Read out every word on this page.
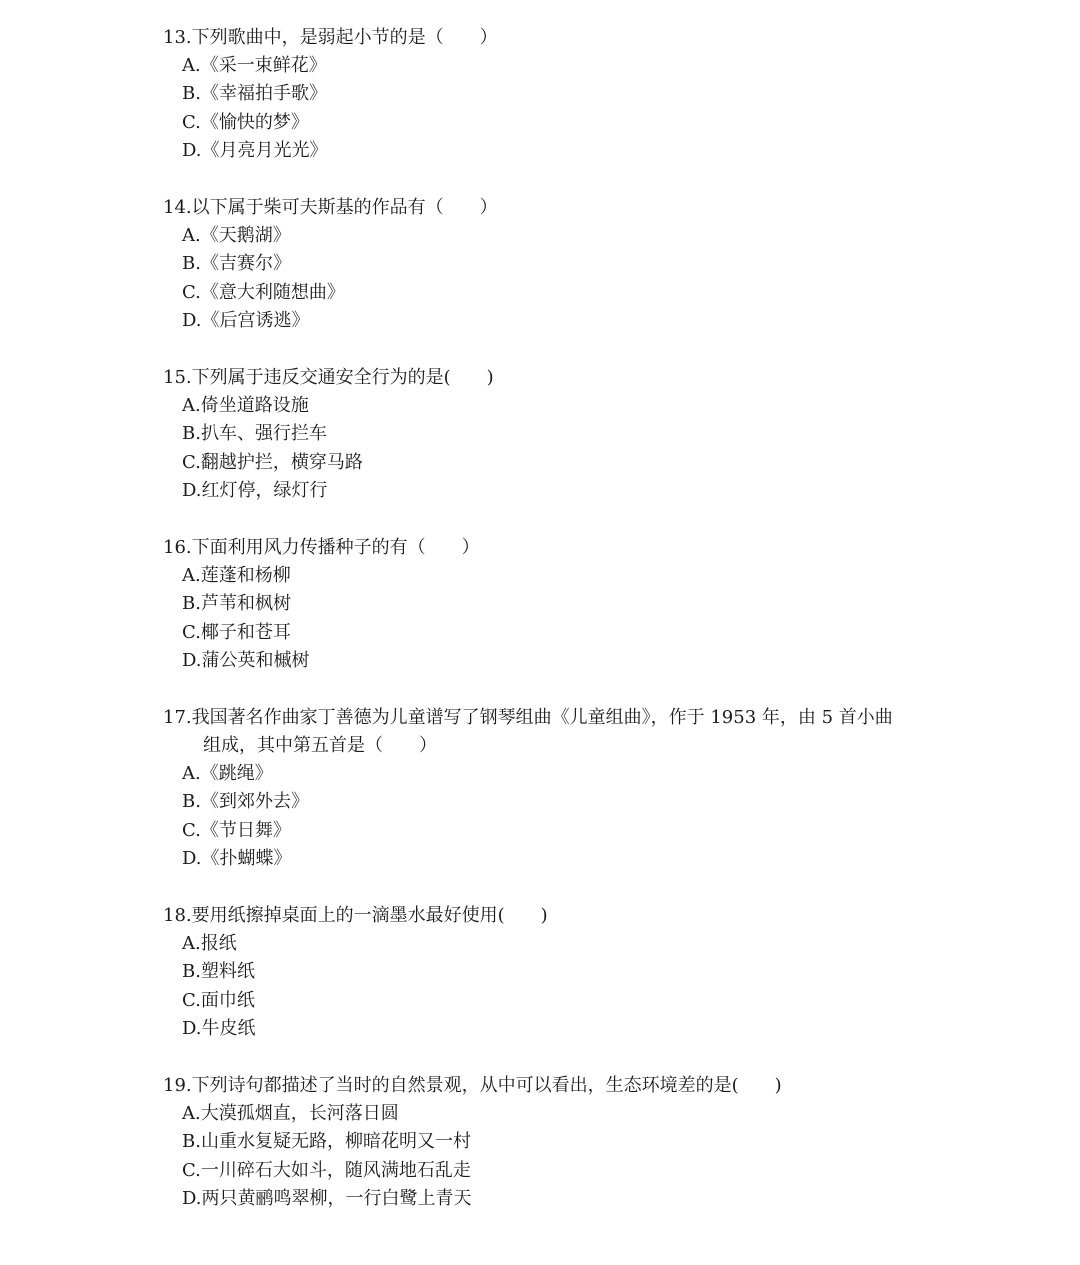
13.下列歌曲中，是弱起小节的是（　　）
A.《采一束鲜花》
B.《幸福拍手歌》
C.《愉快的梦》
D.《月亮月光光》
14.以下属于柴可夫斯基的作品有（　　）
A.《天鹅湖》
B.《吉赛尔》
C.《意大利随想曲》
D.《后宫诱逃》
15.下列属于违反交通安全行为的是(　　)
A.倚坐道路设施
B.扒车、强行拦车
C.翻越护拦，横穿马路
D.红灯停，绿灯行
16.下面利用风力传播种子的有（　　）
A.莲蓬和杨柳
B.芦苇和枫树
C.椰子和苍耳
D.蒲公英和槭树
17.我国著名作曲家丁善德为儿童谱写了钢琴组曲《儿童组曲》，作于 1953 年，由 5 首小曲
组成，其中第五首是（　　）
A.《跳绳》
B.《到郊外去》
C.《节日舞》
D.《扑蝴蝶》
18.要用纸擦掉桌面上的一滴墨水最好使用(　　)
A.报纸
B.塑料纸
C.面巾纸
D.牛皮纸
19.下列诗句都描述了当时的自然景观，从中可以看出，生态环境差的是(　　)
A.大漠孤烟直，长河落日圆
B.山重水复疑无路，柳暗花明又一村
C.一川碎石大如斗，随风满地石乱走
D.两只黄鹂鸣翠柳，一行白鹭上青天
